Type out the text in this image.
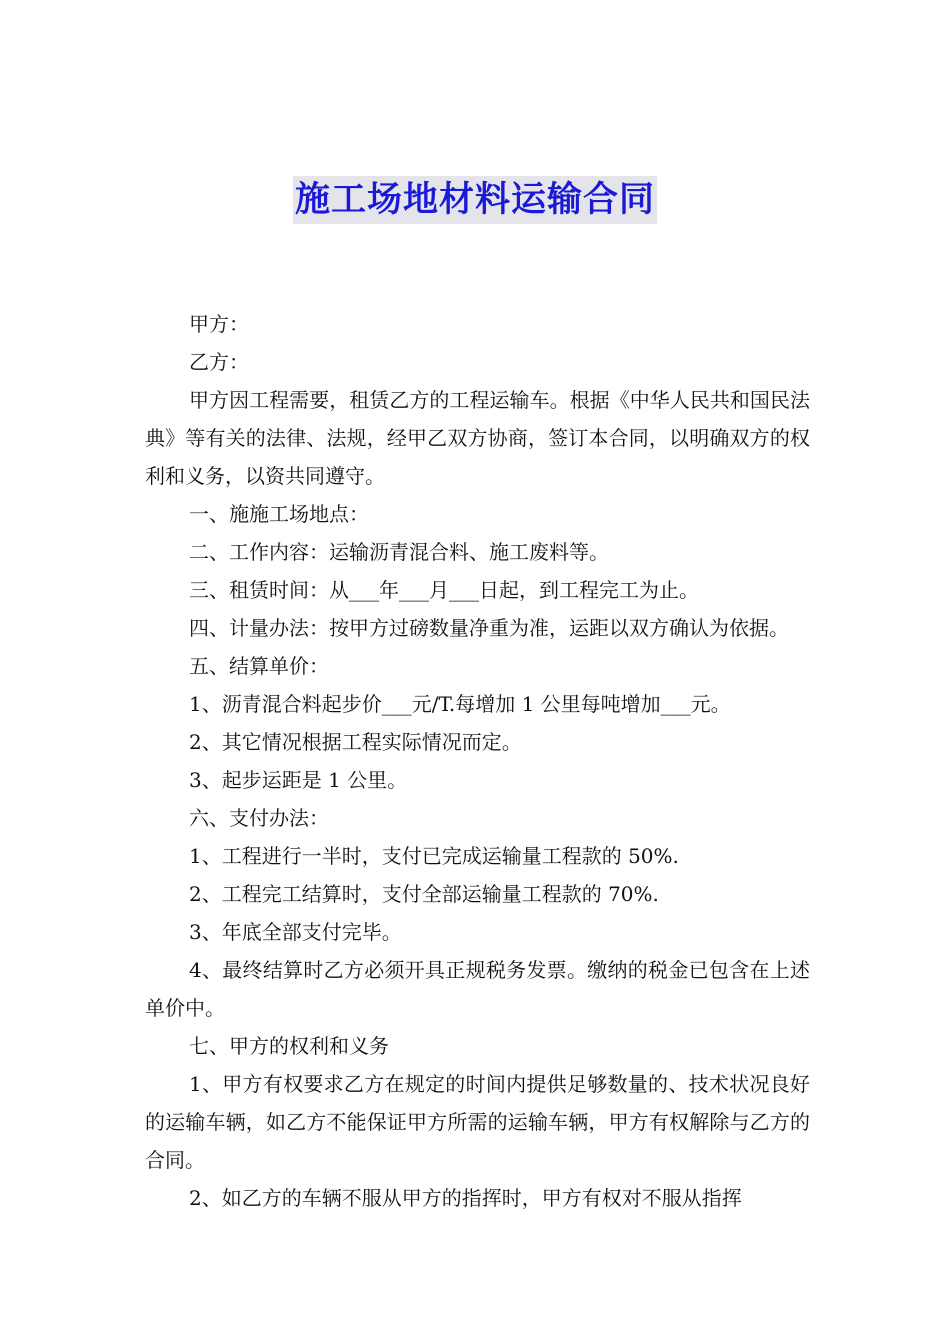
施工场地材料运输合同

甲方：

乙方：

甲方因工程需要，租赁乙方的工程运输车。根据《中华人民共和国民法典》等有关的法律、法规，经甲乙双方协商，签订本合同，以明确双方的权利和义务，以资共同遵守。

一、施施工场地点：

二、工作内容：运输沥青混合料、施工废料等。

三、租赁时间：从___年___月___日起，到工程完工为止。

四、计量办法：按甲方过磅数量净重为准，运距以双方确认为依据。

五、结算单价：

1、沥青混合料起步价___元/T.每增加 1 公里每吨增加___元。

2、其它情况根据工程实际情况而定。

3、起步运距是 1 公里。

六、支付办法：

1、工程进行一半时，支付已完成运输量工程款的 50%.

2、工程完工结算时，支付全部运输量工程款的 70%.

3、年底全部支付完毕。

4、最终结算时乙方必须开具正规税务发票。缴纳的税金已包含在上述单价中。

七、甲方的权利和义务

1、甲方有权要求乙方在规定的时间内提供足够数量的、技术状况良好的运输车辆，如乙方不能保证甲方所需的运输车辆，甲方有权解除与乙方的合同。

2、如乙方的车辆不服从甲方的指挥时，甲方有权对不服从指挥
